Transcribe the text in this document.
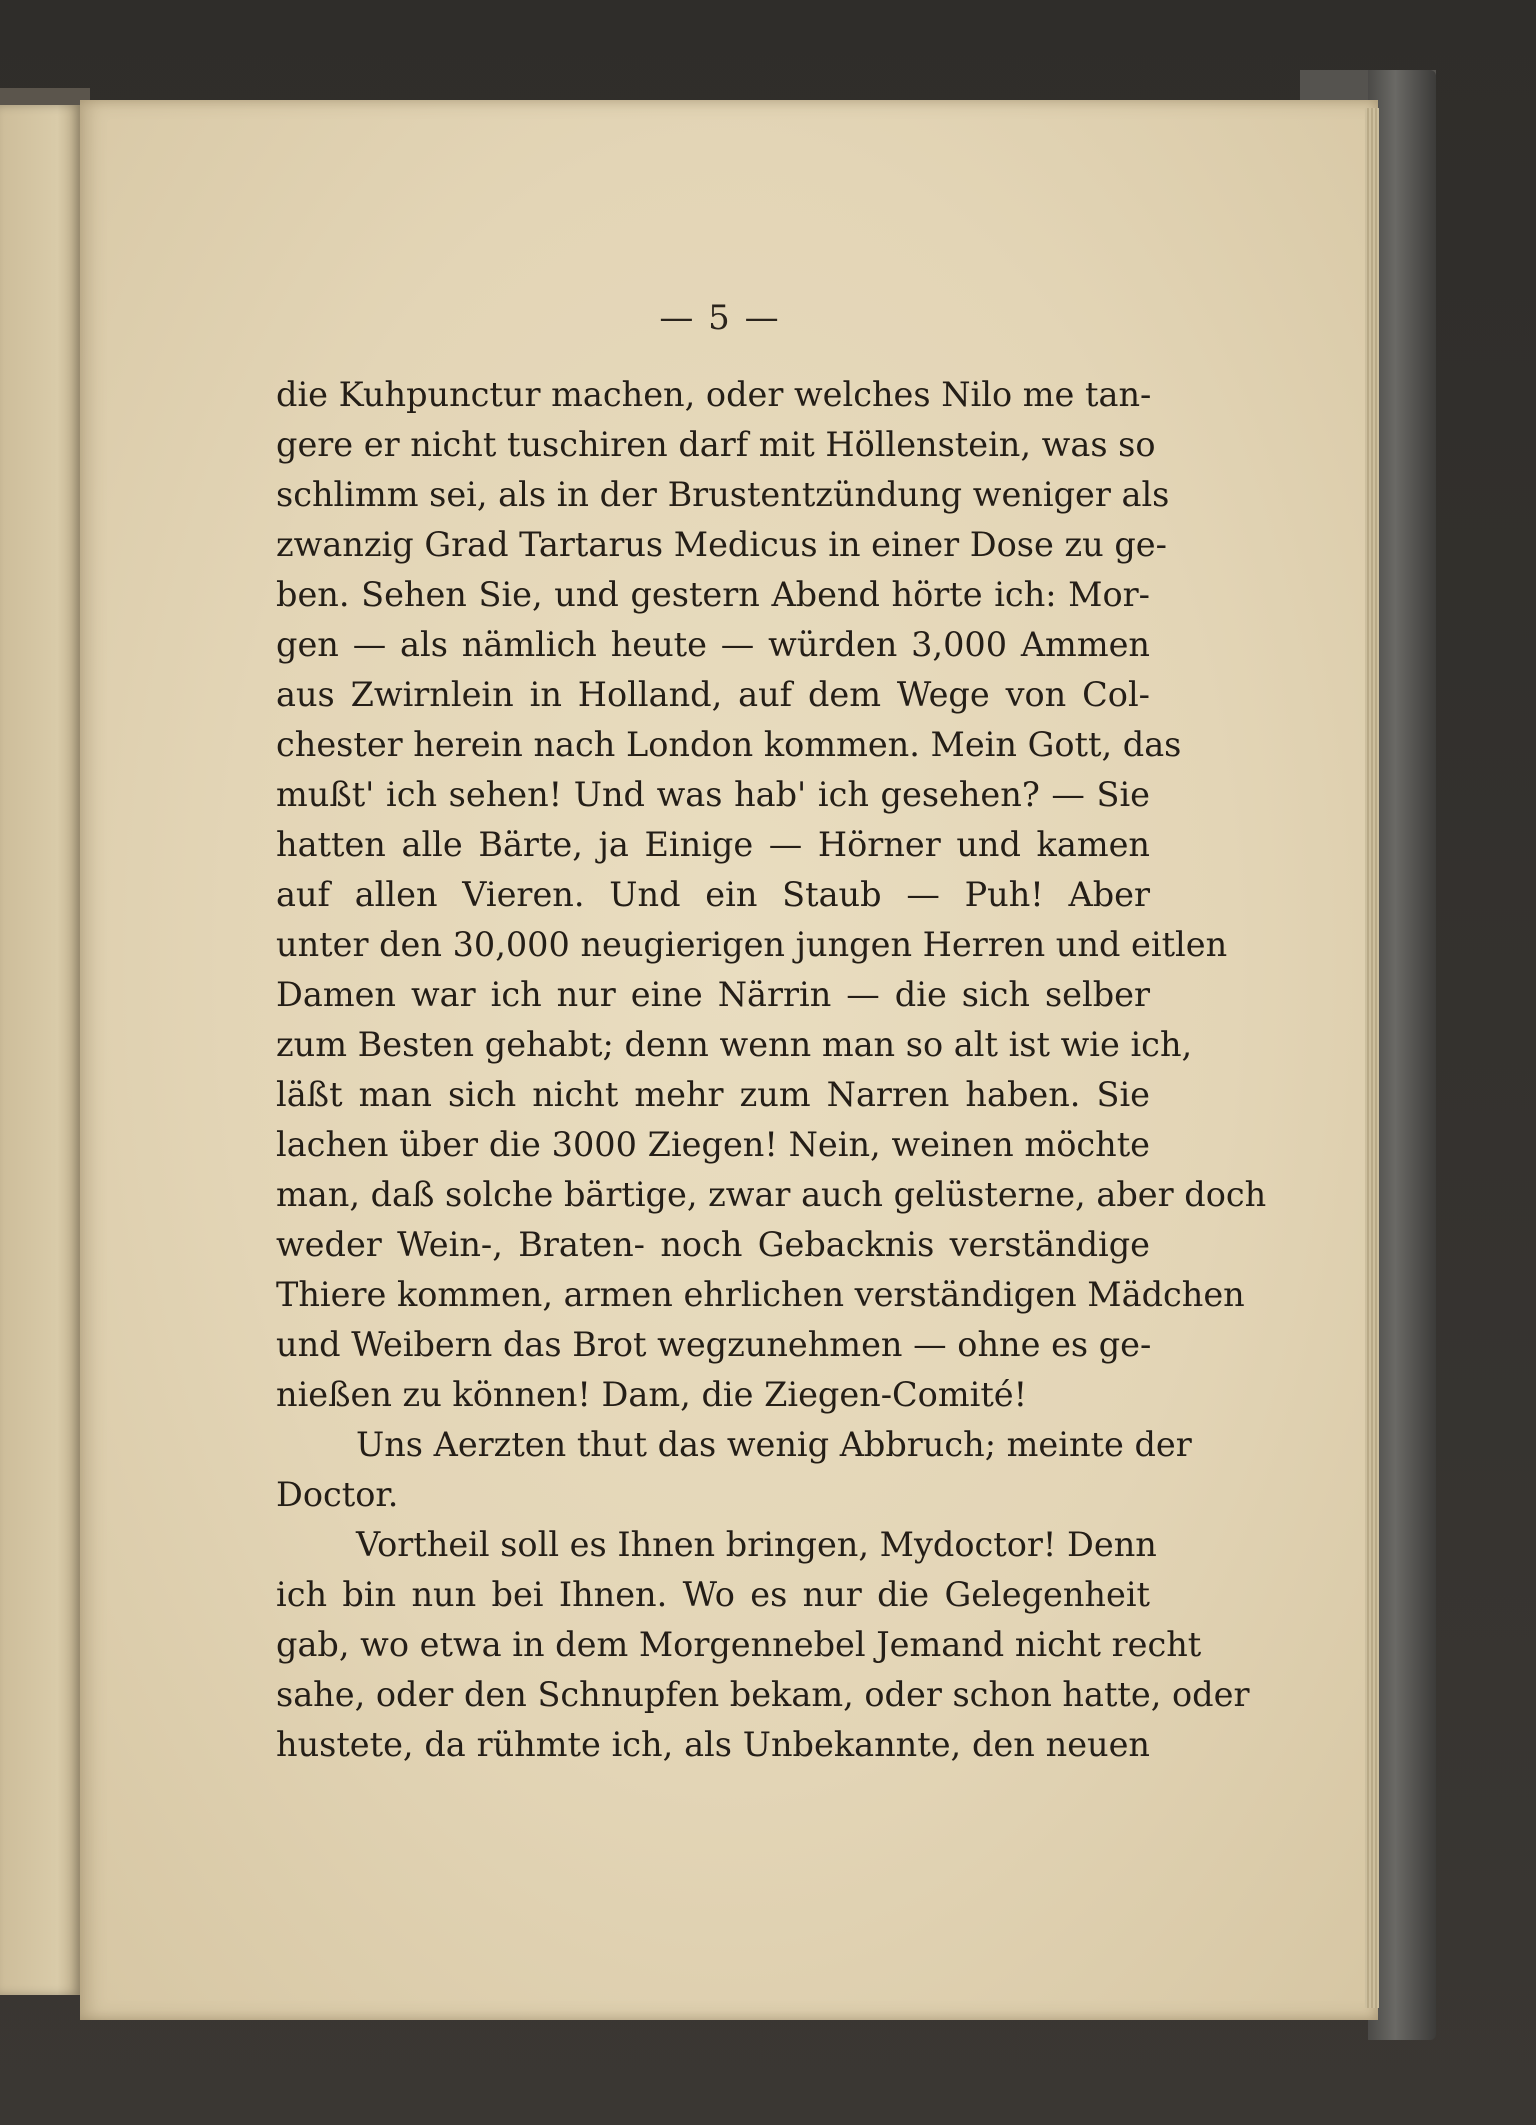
— 5 —
die Kuhpunctur machen, oder welches Nilo me tan-
gere er nicht tuschiren darf mit Höllenstein, was so
schlimm sei, als in der Brustentzündung weniger als
zwanzig Grad Tartarus Medicus in einer Dose zu ge-
ben. Sehen Sie, und gestern Abend hörte ich: Mor-
gen — als nämlich heute — würden 3,000 Ammen
aus Zwirnlein in Holland, auf dem Wege von Col-
chester herein nach London kommen. Mein Gott, das
mußt' ich sehen! Und was hab' ich gesehen? — Sie
hatten alle Bärte, ja Einige — Hörner und kamen
auf allen Vieren. Und ein Staub — Puh! Aber
unter den 30,000 neugierigen jungen Herren und eitlen
Damen war ich nur eine Närrin — die sich selber
zum Besten gehabt; denn wenn man so alt ist wie ich,
läßt man sich nicht mehr zum Narren haben. Sie
lachen über die 3000 Ziegen! Nein, weinen möchte
man, daß solche bärtige, zwar auch gelüsterne, aber doch
weder Wein-, Braten- noch Gebacknis verständige
Thiere kommen, armen ehrlichen verständigen Mädchen
und Weibern das Brot wegzunehmen — ohne es ge-
nießen zu können! Dam, die Ziegen-Comité!
Uns Aerzten thut das wenig Abbruch; meinte der
Doctor.
Vortheil soll es Ihnen bringen, Mydoctor! Denn
ich bin nun bei Ihnen. Wo es nur die Gelegenheit
gab, wo etwa in dem Morgennebel Jemand nicht recht
sahe, oder den Schnupfen bekam, oder schon hatte, oder
hustete, da rühmte ich, als Unbekannte, den neuen
